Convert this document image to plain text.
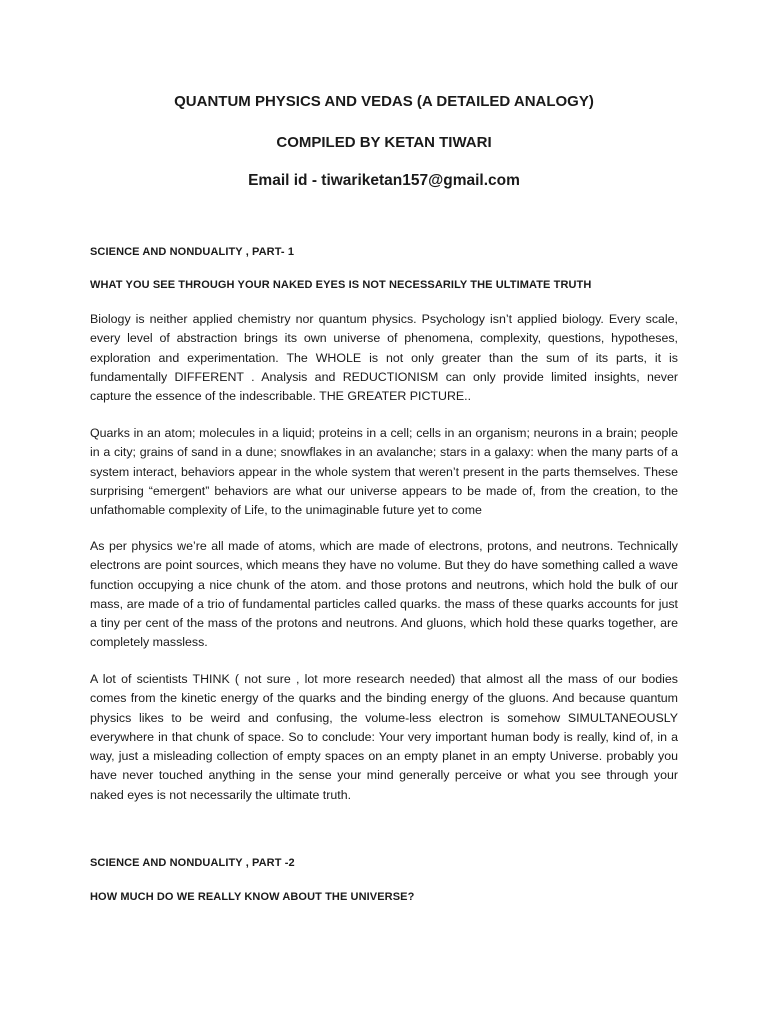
QUANTUM PHYSICS AND VEDAS (A DETAILED ANALOGY)
COMPILED BY KETAN TIWARI
Email id - tiwariketan157@gmail.com
SCIENCE AND NONDUALITY , PART- 1
WHAT YOU SEE THROUGH YOUR NAKED EYES IS NOT NECESSARILY THE ULTIMATE TRUTH

Biology is neither applied chemistry nor quantum physics. Psychology isn’t applied biology. Every scale, every level of abstraction brings its own universe of phenomena, complexity, questions, hypotheses, exploration and experimentation. The WHOLE is not only greater than the sum of its parts, it is fundamentally DIFFERENT . Analysis and REDUCTIONISM can only provide limited insights, never capture the essence of the indescribable. THE GREATER PICTURE..

Quarks in an atom; molecules in a liquid; proteins in a cell; cells in an organism; neurons in a brain; people in a city; grains of sand in a dune; snowflakes in an avalanche; stars in a galaxy: when the many parts of a system interact, behaviors appear in the whole system that weren’t present in the parts themselves. These surprising “emergent” behaviors are what our universe appears to be made of, from the creation, to the unfathomable complexity of Life, to the unimaginable future yet to come

As per physics we’re all made of atoms, which are made of electrons, protons, and neutrons. Technically electrons are point sources, which means they have no volume. But they do have something called a wave function occupying a nice chunk of the atom. and those protons and neutrons, which hold the bulk of our mass, are made of a trio of fundamental particles called quarks. the mass of these quarks accounts for just a tiny per cent of the mass of the protons and neutrons. And gluons, which hold these quarks together, are completely massless.

A lot of scientists THINK ( not sure , lot more research needed) that almost all the mass of our bodies comes from the kinetic energy of the quarks and the binding energy of the gluons. And because quantum physics likes to be weird and confusing, the volume-less electron is somehow SIMULTANEOUSLY everywhere in that chunk of space. So to conclude: Your very important human body is really, kind of, in a way, just a misleading collection of empty spaces on an empty planet in an empty Universe. probably you have never touched anything in the sense your mind generally perceive or what you see through your naked eyes is not necessarily the ultimate truth.

SCIENCE AND NONDUALITY , PART -2
HOW MUCH DO WE REALLY KNOW ABOUT THE UNIVERSE?
